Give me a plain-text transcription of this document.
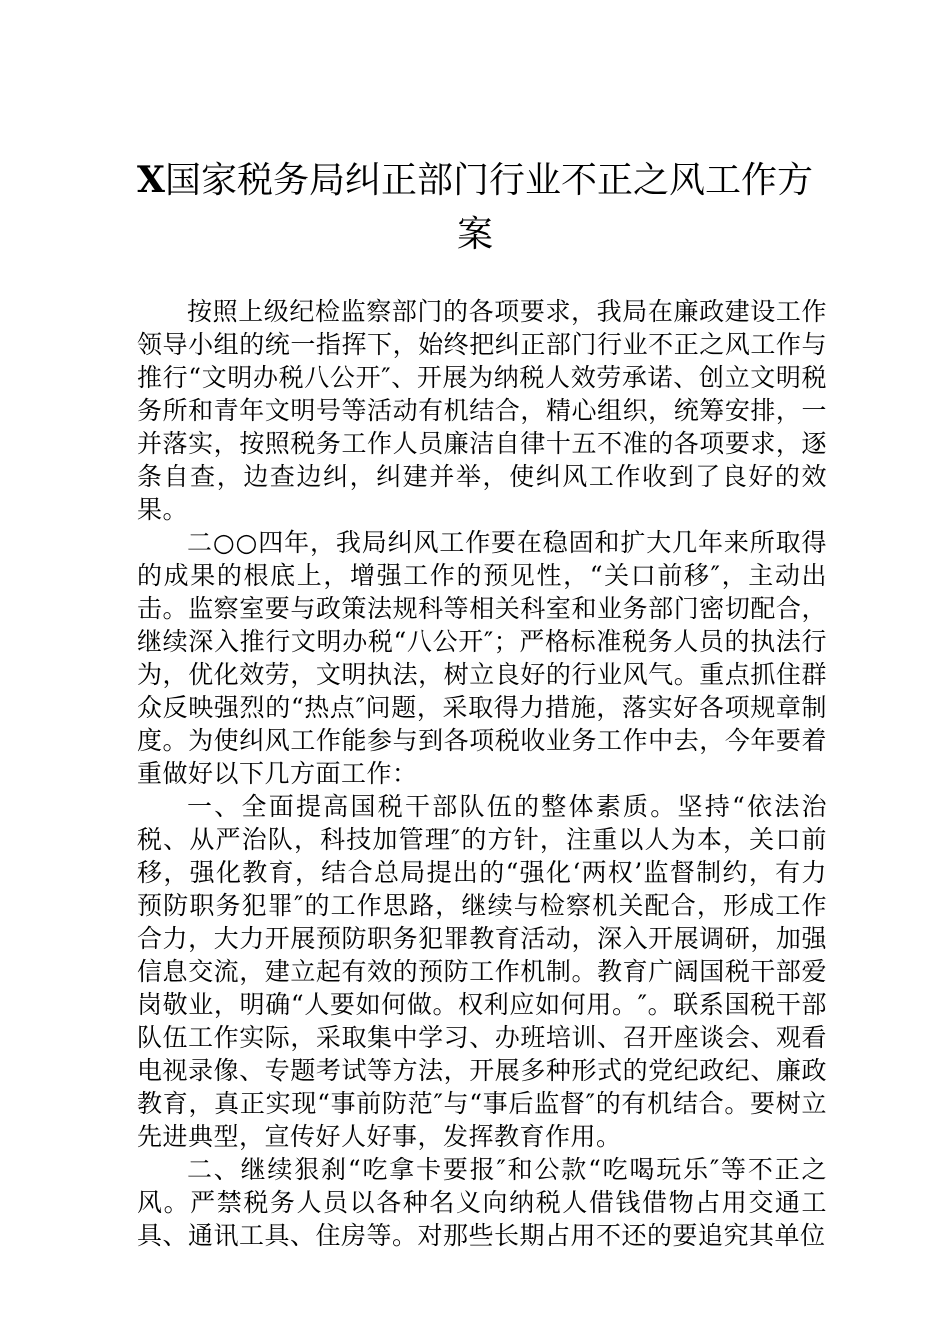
X国家税务局纠正部门行业不正之风工作方案

按照上级纪检监察部门的各项要求，我局在廉政建设工作领导小组的统一指挥下，始终把纠正部门行业不正之风工作与推行“文明办税八公开″、开展为纳税人效劳承诺、创立文明税务所和青年文明号等活动有机结合，精心组织，统筹安排，一并落实，按照税务工作人员廉洁自律十五不准的各项要求，逐条自查，边查边纠，纠建并举，使纠风工作收到了良好的效果。

二○○四年，我局纠风工作要在稳固和扩大几年来所取得的成果的根底上，增强工作的预见性，“关口前移″，主动出击。监察室要与政策法规科等相关科室和业务部门密切配合，继续深入推行文明办税“八公开″；严格标准税务人员的执法行为，优化效劳，文明执法，树立良好的行业风气。重点抓住群众反映强烈的“热点″问题，采取得力措施，落实好各项规章制度。为使纠风工作能参与到各项税收业务工作中去，今年要着重做好以下几方面工作：

一、全面提高国税干部队伍的整体素质。坚持“依法治税、从严治队，科技加管理″的方针，注重以人为本，关口前移，强化教育，结合总局提出的“强化‘两权’监督制约，有力预防职务犯罪″的工作思路，继续与检察机关配合，形成工作合力，大力开展预防职务犯罪教育活动，深入开展调研，加强信息交流，建立起有效的预防工作机制。教育广阔国税干部爱岗敬业，明确“人要如何做。权利应如何用。″。联系国税干部队伍工作实际，采取集中学习、办班培训、召开座谈会、观看电视录像、专题考试等方法，开展多种形式的党纪政纪、廉政教育，真正实现“事前防范″与“事后监督″的有机结合。要树立先进典型，宣传好人好事，发挥教育作用。

二、继续狠刹“吃拿卡要报″和公款“吃喝玩乐″等不正之风。严禁税务人员以各种名义向纳税人借钱借物占用交通工具、通讯工具、住房等。对那些长期占用不还的要追究其单位
